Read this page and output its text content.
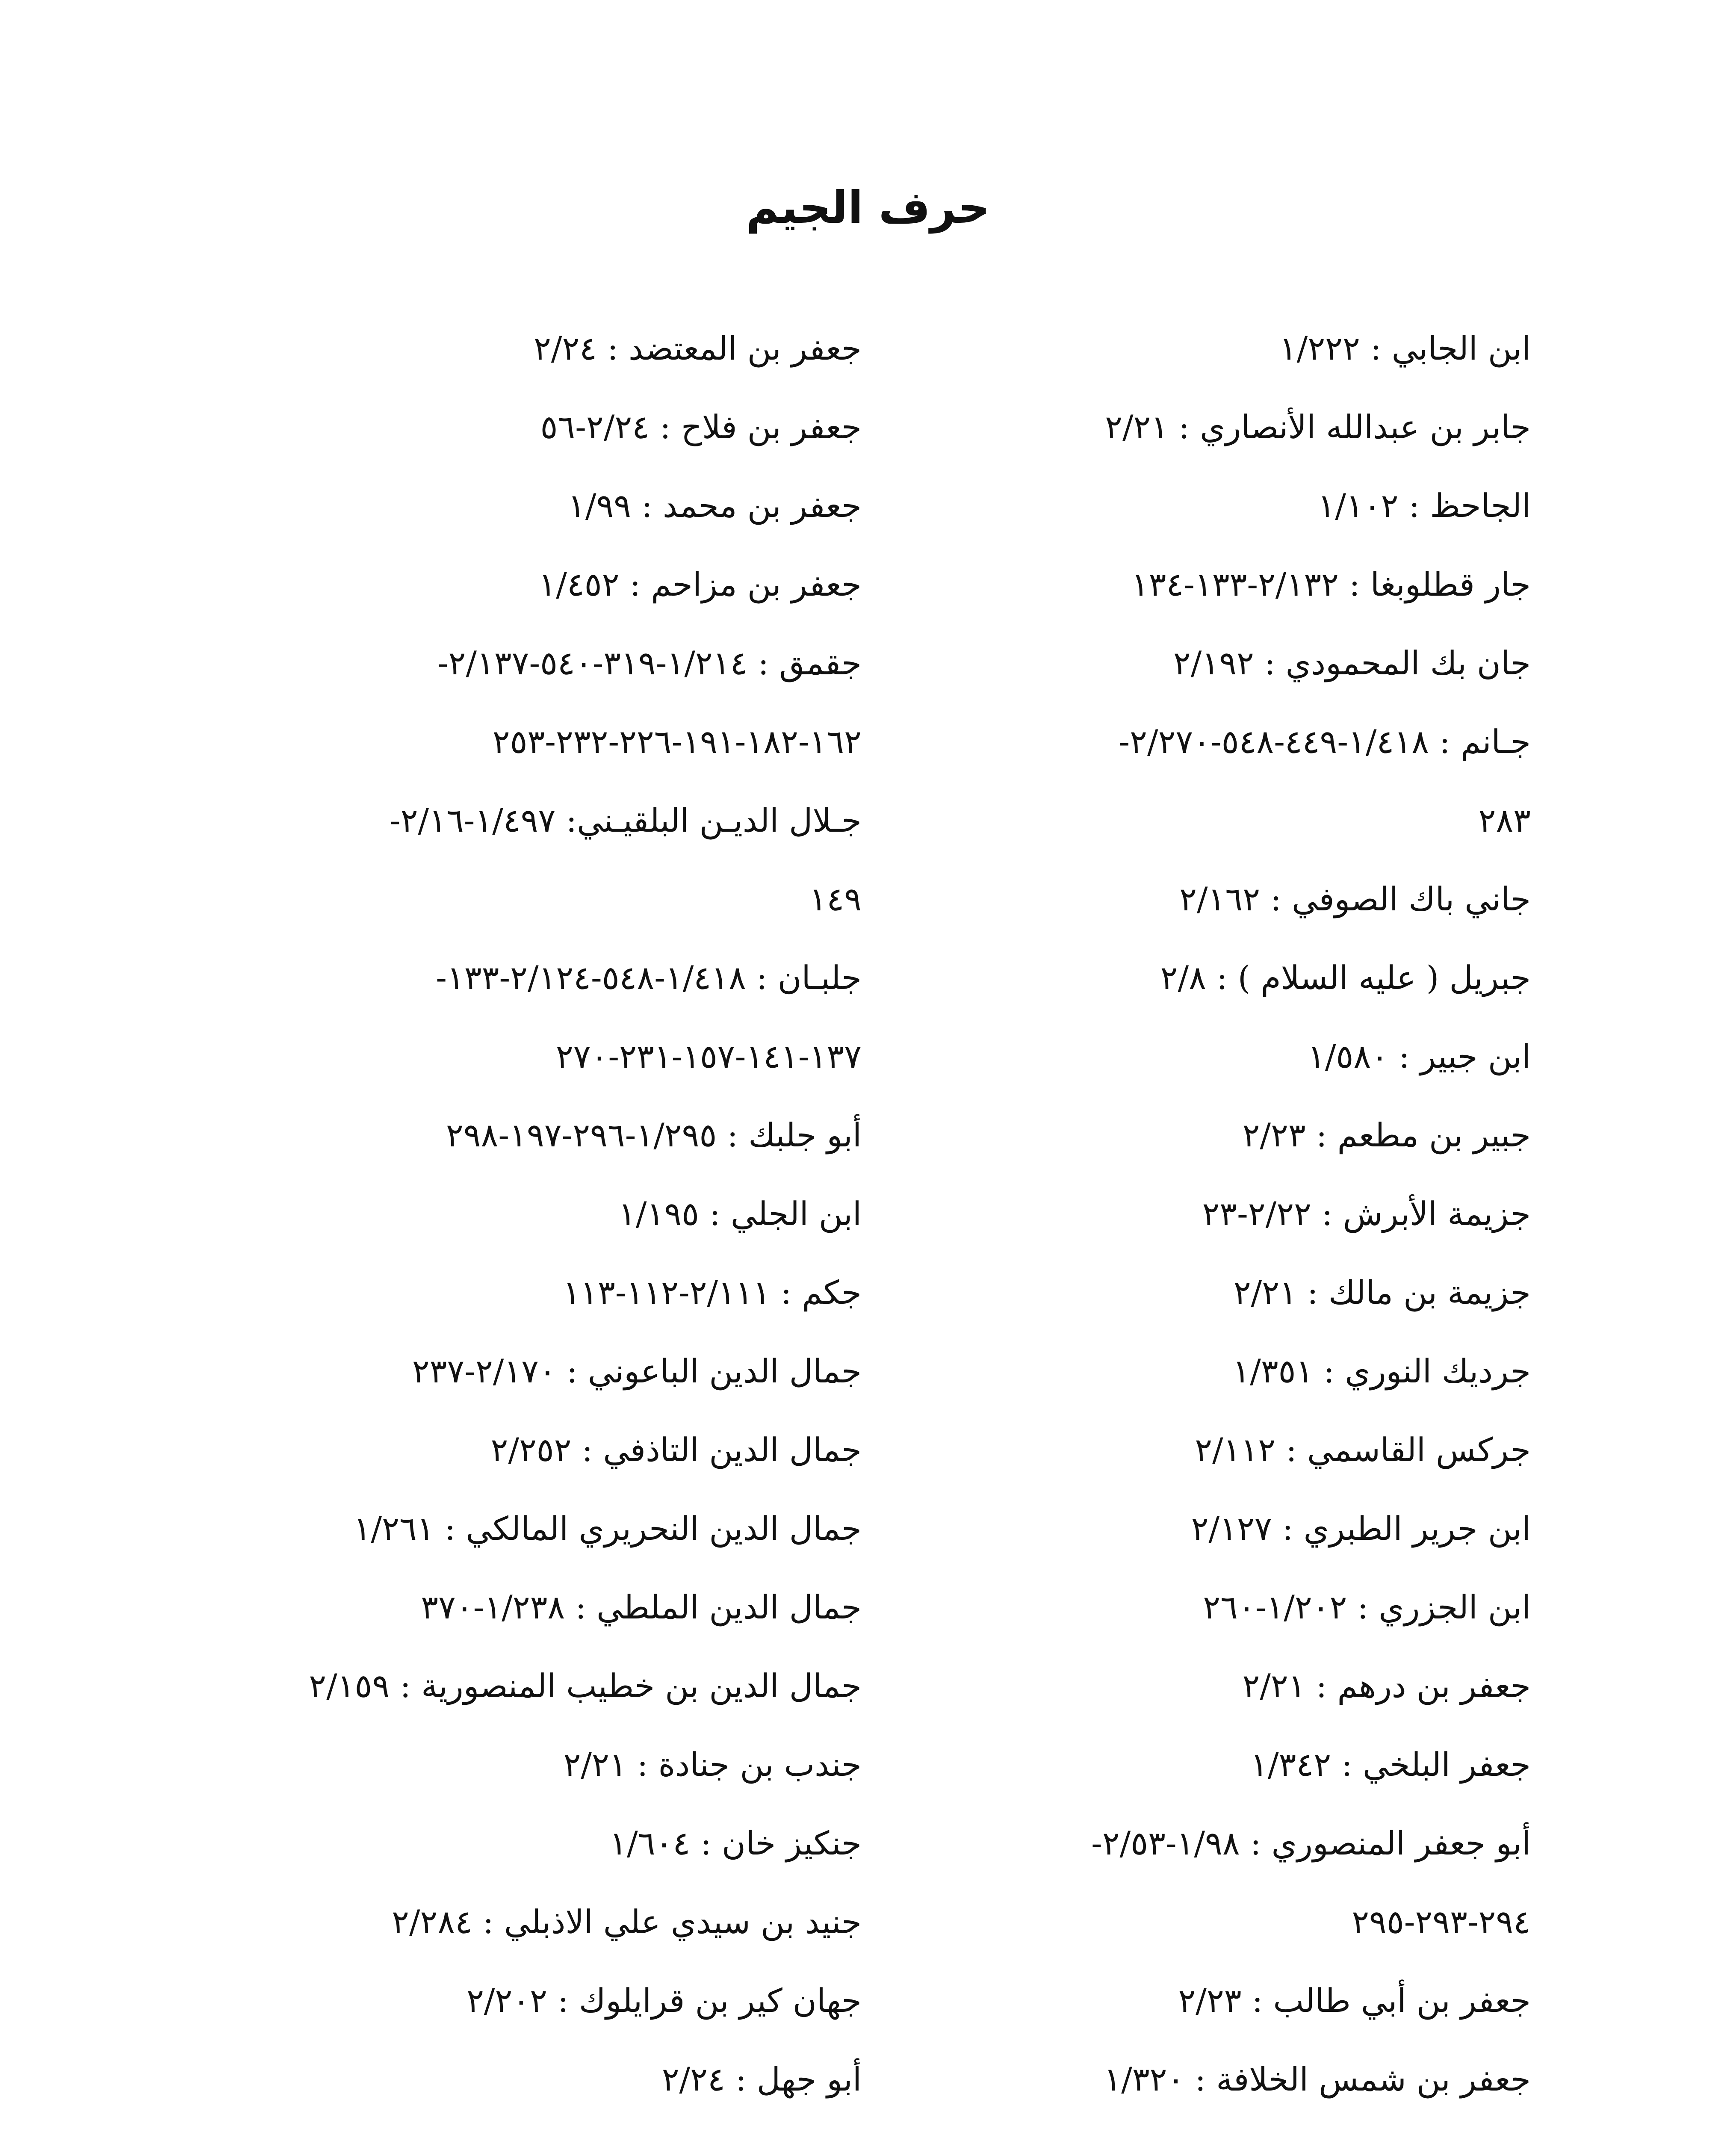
حرف الجيم
ابن الجابي : ١/٢٢٢
جابر بن عبدالله الأنصاري : ٢/٢١
الجاحظ : ١/١٠٢
جار قطلوبغا : ٢/١٣٢-١٣٣-١٣٤
جان بك المحمودي : ٢/١٩٢
جـانم : ١/٤١٨-٤٤٩-٥٤٨-٢/٢٧٠-
٢٨٣
جاني باك الصوفي : ٢/١٦٢
جبريل ( عليه السلام ) : ٢/٨
ابن جبير : ١/٥٨٠
جبير بن مطعم : ٢/٢٣
جزيمة الأبرش : ٢/٢٢-٢٣
جزيمة بن مالك : ٢/٢١
جرديك النوري : ١/٣٥١
جركس القاسمي : ٢/١١٢
ابن جرير الطبري : ٢/١٢٧
ابن الجزري : ١/٢٠٢-٢٦٠
جعفر بن درهم : ٢/٢١
جعفر البلخي : ١/٣٤٢
أبو جعفر المنصوري : ١/٩٨-٢/٥٣-
٢٩٤-٢٩٣-٢٩٥
جعفر بن أبي طالب : ٢/٢٣
جعفر بن شمس الخلافة : ١/٣٢٠
جعفر بن المعتضد : ٢/٢٤
جعفر بن فلاح : ٢/٢٤-٥٦
جعفر بن محمد : ١/٩٩
جعفر بن مزاحم : ١/٤٥٢
جقمق : ١/٢١٤-٣١٩-٥٤٠-٢/١٣٧-
١٦٢-١٨٢-١٩١-٢٢٦-٢٣٢-٢٥٣
جـلال الديـن البلقيـني: ١/٤٩٧-٢/١٦-
١٤٩
جلبـان : ١/٤١٨-٥٤٨-٢/١٢٤-١٣٣-
١٣٧-١٤١-١٥٧-٢٣١-٢٧٠
أبو جلبك : ١/٢٩٥-٢٩٦-١٩٧-٢٩٨
ابن الجلي : ١/١٩٥
جكم : ٢/١١١-١١٢-١١٣
جمال الدين الباعوني : ٢/١٧٠-٢٣٧
جمال الدين التاذفي : ٢/٢٥٢
جمال الدين النحريري المالكي : ١/٢٦١
جمال الدين الملطي : ١/٢٣٨-٣٧٠
جمال الدين بن خطيب المنصورية : ٢/١٥٩
جندب بن جنادة : ٢/٢١
جنكيز خان : ١/٦٠٤
جنيد بن سيدي علي الاذبلي : ٢/٢٨٤
جهان كير بن قرايلوك : ٢/٢٠٢
أبو جهل : ٢/٢٤
